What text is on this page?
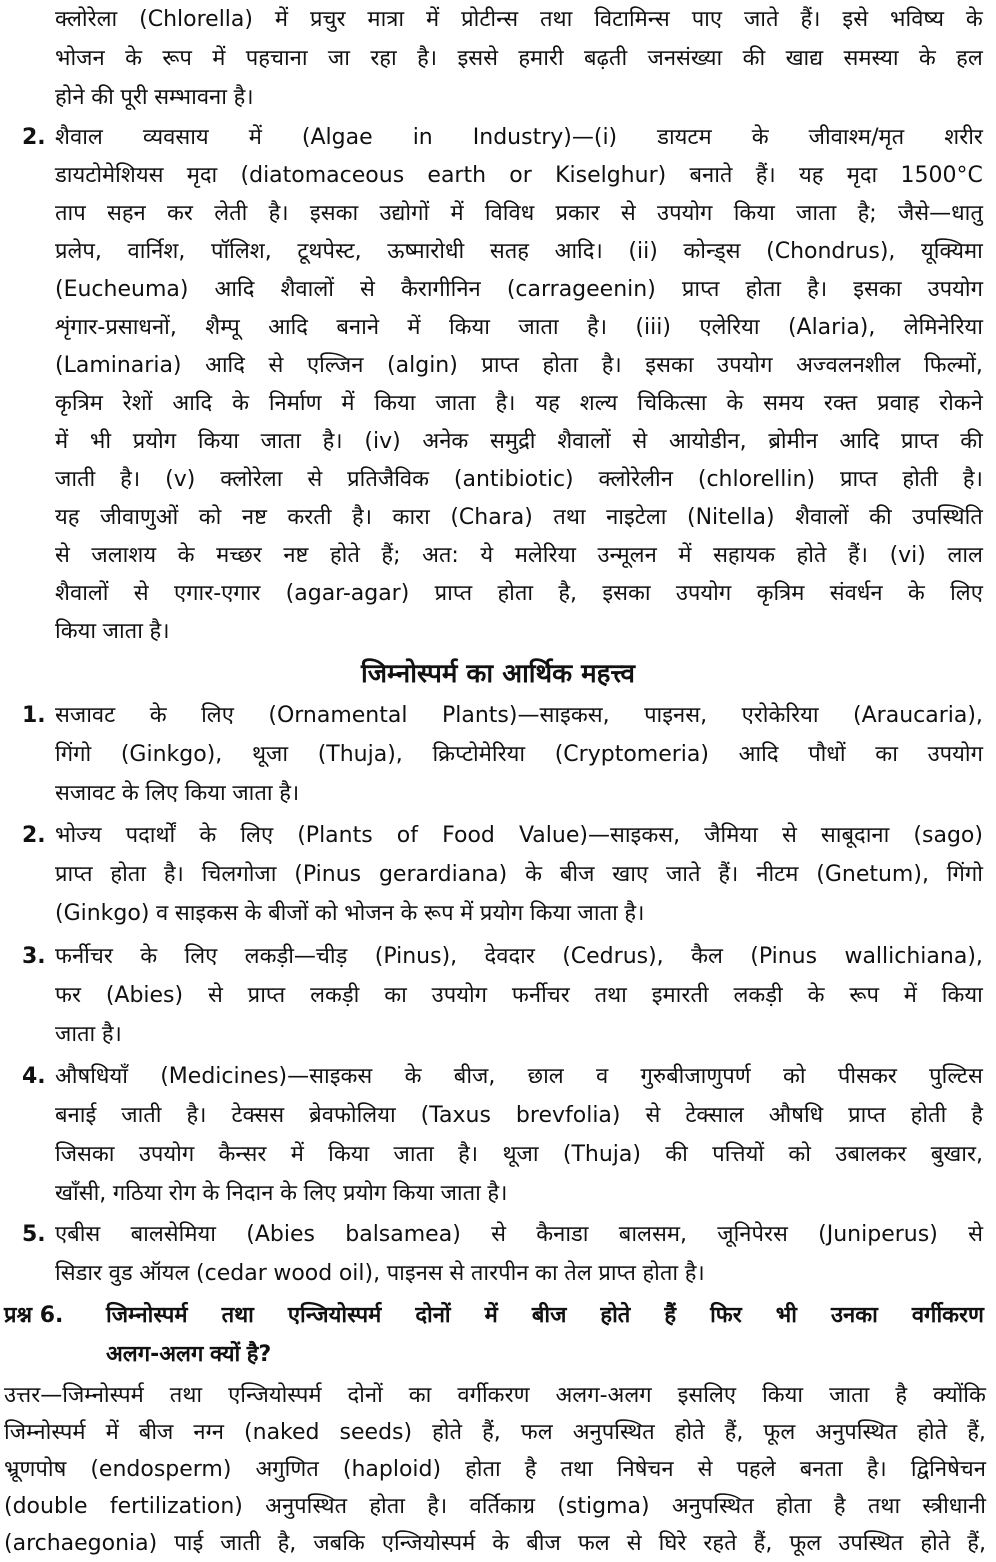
क्लोरेला (Chlorella) में प्रचुर मात्रा में प्रोटीन्स तथा विटामिन्स पाए जाते हैं। इसे भविष्य के
भोजन के रूप में पहचाना जा रहा है। इससे हमारी बढ़ती जनसंख्या की खाद्य समस्या के हल
होने की पूरी सम्भावना है।
2. शैवाल व्यवसाय में (Algae in Industry)—(i) डायटम के जीवाश्म/मृत शरीर
डायटोमेशियस मृदा (diatomaceous earth or Kiselghur) बनाते हैं। यह मृदा 1500°C
ताप सहन कर लेती है। इसका उद्योगों में विविध प्रकार से उपयोग किया जाता है; जैसे—धातु
प्रलेप, वार्निश, पॉलिश, टूथपेस्ट, ऊष्मारोधी सतह आदि। (ii) कोन्ड्स (Chondrus), यूक्यिमा
(Eucheuma) आदि शैवालों से कैरागीनिन (carrageenin) प्राप्त होता है। इसका उपयोग
शृंगार-प्रसाधनों, शैम्पू आदि बनाने में किया जाता है। (iii) एलेरिया (Alaria), लेमिनेरिया
(Laminaria) आदि से एल्जिन (algin) प्राप्त होता है। इसका उपयोग अज्वलनशील फिल्मों,
कृत्रिम रेशों आदि के निर्माण में किया जाता है। यह शल्य चिकित्सा के समय रक्त प्रवाह रोकने
में भी प्रयोग किया जाता है। (iv) अनेक समुद्री शैवालों से आयोडीन, ब्रोमीन आदि प्राप्त की
जाती है। (v) क्लोरेला से प्रतिजैविक (antibiotic) क्लोरेलीन (chlorellin) प्राप्त होती है।
यह जीवाणुओं को नष्ट करती है। कारा (Chara) तथा नाइटेला (Nitella) शैवालों की उपस्थिति
से जलाशय के मच्छर नष्ट होते हैं; अत: ये मलेरिया उन्मूलन में सहायक होते हैं। (vi) लाल
शैवालों से एगार-एगार (agar-agar) प्राप्त होता है, इसका उपयोग कृत्रिम संवर्धन के लिए
किया जाता है।
जिम्नोस्पर्म का आर्थिक महत्त्व
1. सजावट के लिए (Ornamental Plants)—साइकस, पाइनस, एरोकेरिया (Araucaria),
गिंगो (Ginkgo), थूजा (Thuja), क्रिप्टोमेरिया (Cryptomeria) आदि पौधों का उपयोग
सजावट के लिए किया जाता है।
2. भोज्य पदार्थों के लिए (Plants of Food Value)—साइकस, जैमिया से साबूदाना (sago)
प्राप्त होता है। चिलगोजा (Pinus gerardiana) के बीज खाए जाते हैं। नीटम (Gnetum), गिंगो
(Ginkgo) व साइकस के बीजों को भोजन के रूप में प्रयोग किया जाता है।
3. फर्नीचर के लिए लकड़ी—चीड़ (Pinus), देवदार (Cedrus), कैल (Pinus wallichiana),
फर (Abies) से प्राप्त लकड़ी का उपयोग फर्नीचर तथा इमारती लकड़ी के रूप में किया
जाता है।
4. औषधियाँ (Medicines)—साइकस के बीज, छाल व गुरुबीजाणुपर्ण को पीसकर पुल्टिस
बनाई जाती है। टेक्सस ब्रेवफोलिया (Taxus brevfolia) से टेक्साल औषधि प्राप्त होती है
जिसका उपयोग कैन्सर में किया जाता है। थूजा (Thuja) की पत्तियों को उबालकर बुखार,
खाँसी, गठिया रोग के निदान के लिए प्रयोग किया जाता है।
5. एबीस बालसेमिया (Abies balsamea) से कैनाडा बालसम, जूनिपेरस (Juniperus) से
सिडार वुड ऑयल (cedar wood oil), पाइनस से तारपीन का तेल प्राप्त होता है।
प्रश्न 6. जिम्नोस्पर्म तथा एन्जियोस्पर्म दोनों में बीज होते हैं फिर भी उनका वर्गीकरण
अलग-अलग क्यों है?
उत्तर—जिम्नोस्पर्म तथा एन्जियोस्पर्म दोनों का वर्गीकरण अलग-अलग इसलिए किया जाता है क्योंकि
जिम्नोस्पर्म में बीज नग्न (naked seeds) होते हैं, फल अनुपस्थित होते हैं, फूल अनुपस्थित होते हैं,
भ्रूणपोष (endosperm) अगुणित (haploid) होता है तथा निषेचन से पहले बनता है। द्विनिषेचन
(double fertilization) अनुपस्थित होता है। वर्तिकाग्र (stigma) अनुपस्थित होता है तथा स्त्रीधानी
(archaegonia) पाई जाती है, जबकि एन्जियोस्पर्म के बीज फल से घिरे रहते हैं, फूल उपस्थित होते हैं,
